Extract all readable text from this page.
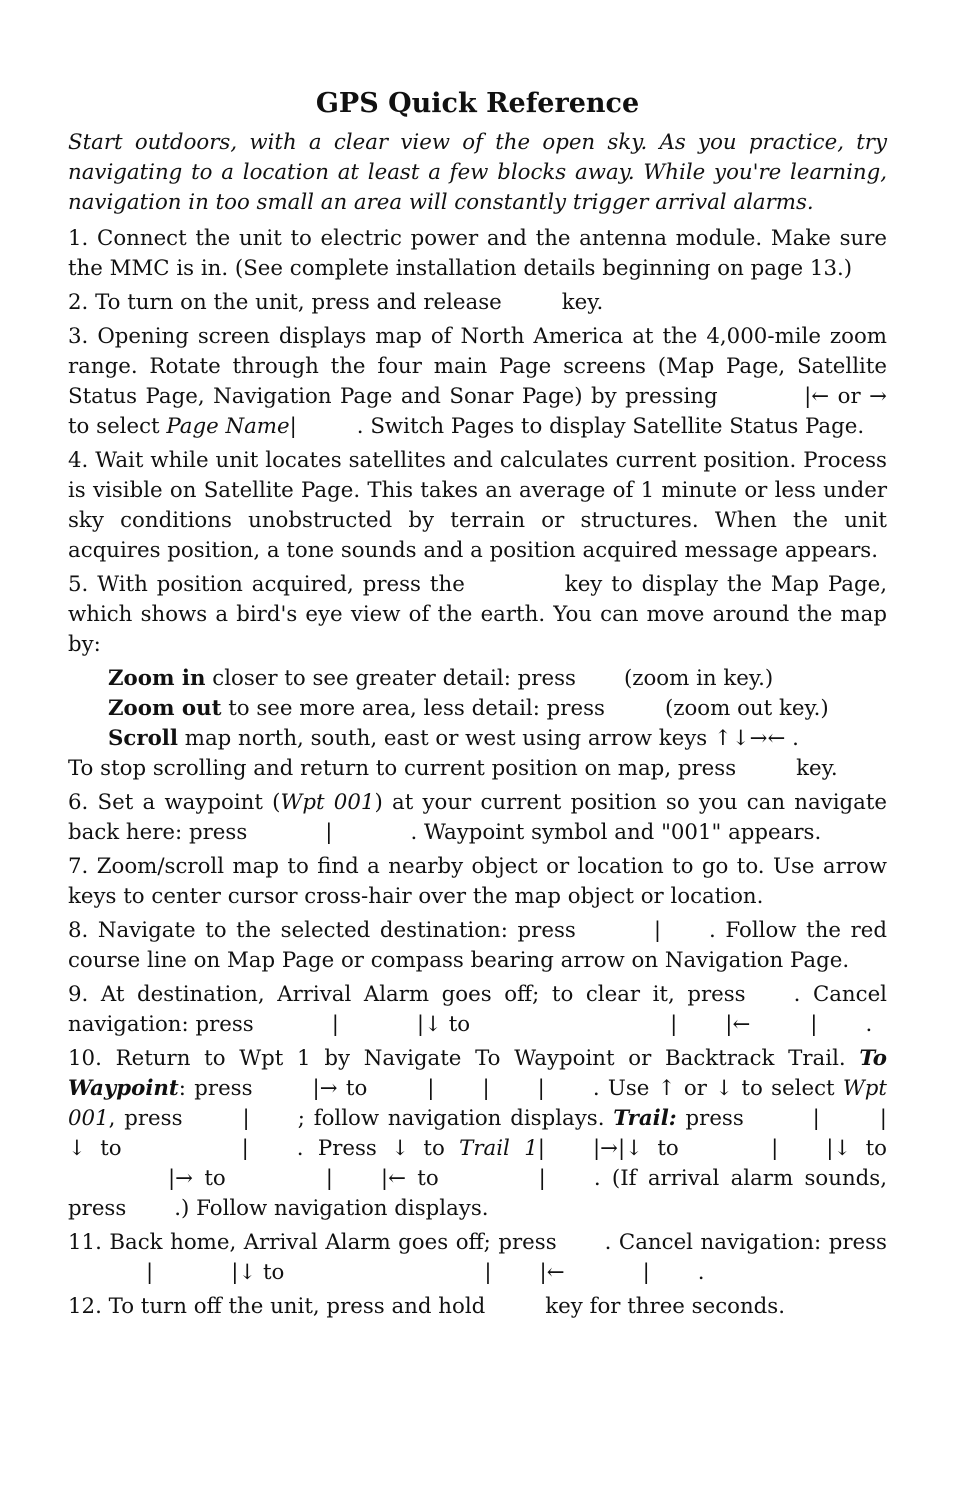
GPS Quick Reference

Start outdoors, with a clear view of the open sky. As you practice, try navigating to a location at least a few blocks away. While you're learning, navigation in too small an area will constantly trigger arrival alarms.

1. Connect the unit to electric power and the antenna module. Make sure the MMC is in. (See complete installation details beginning on page 13.)

2. To turn on the unit, press and release	key.

3. Opening screen displays map of North America at the 4,000-mile zoom range. Rotate through the four main Page screens (Map Page, Satellite Status Page, Navigation Page and Sonar Page) by pressing	|← or → to select Page Name|	. Switch Pages to display Satellite Status Page.

4. Wait while unit locates satellites and calculates current position. Process is visible on Satellite Page. This takes an average of 1 minute or less under sky conditions unobstructed by terrain or structures. When the unit acquires position, a tone sounds and a position acquired message appears.

5. With position acquired, press the	key to display the Map Page, which shows a bird's eye view of the earth. You can move around the map by:

Zoom in closer to see greater detail: press (zoom in key.)

Zoom out to see more area, less detail: press	(zoom out key.)

Scroll map north, south, east or west using arrow keys ↑↓→← .

To stop scrolling and return to current position on map, press	key.

6. Set a waypoint (Wpt 001) at your current position so you can navigate back here: press	|	. Waypoint symbol and "001" appears.

7. Zoom/scroll map to find a nearby object or location to go to. Use arrow keys to center cursor cross-hair over the map object or location.

8. Navigate to the selected destination: press	| . Follow the red course line on Map Page or compass bearing arrow on Navigation Page.

9. At destination, Arrival Alarm goes off; to clear it, press . Cancel navigation: press	|	|↓ to	| |←	| .

10. Return to Wpt 1 by Navigate To Waypoint or Backtrack Trail. To Waypoint: press	|→ to	| | | . Use ↑ or ↓ to select Wpt 001, press	| ; follow navigation displays. Trail: press	|	|↓ to	| . Press ↓ to Trail 1| |→|↓ to	| |↓ to|→ to	| |← to	| . (If arrival alarm sounds, press .) Follow navigation displays.

11. Back home, Arrival Alarm goes off; press . Cancel navigation: press |	|↓ to	| |←	| .

12. To turn off the unit, press and hold	key for three seconds.
